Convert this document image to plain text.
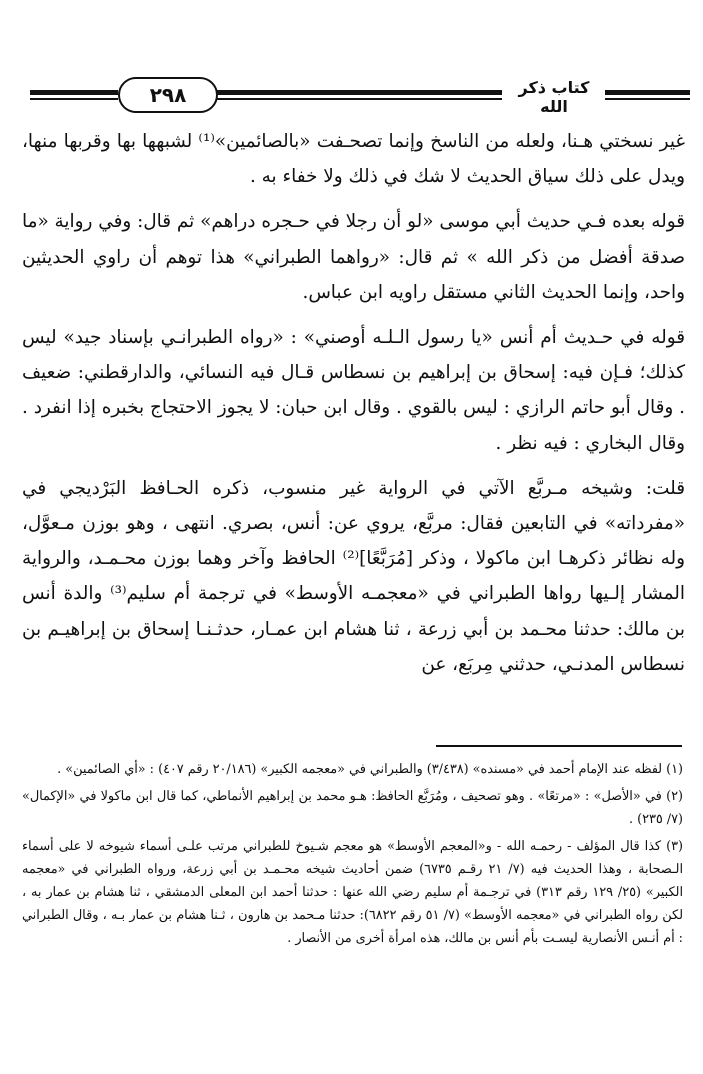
٢٩٨	كتاب ذكر الله

غير نسختي هـنا، ولعله من الناسخ وإنما تصحـفت «بالصائمين»⁽¹⁾ لشبهها بها وقربها منها، ويدل على ذلك سياق الحديث لا شك في ذلك ولا خفاء به .

قوله بعده فـي حديث أبي موسى «لو أن رجلا في حـجره دراهم» ثم قال: وفي رواية «ما صدقة أفضل من ذكر الله » ثم قال: «رواهما الطبراني» هذا توهم أن راوي الحديثين واحد، وإنما الحديث الثاني مستقل راويه ابن عباس.

قوله في حـديث أم أنس «يا رسول الـلـه أوصني» : «رواه الطبرانـي بإسناد جيد» ليس كذلك؛ فـإن فيه: إسحاق بن إبراهيم بن نسطاس قـال فيه النسائي، والدارقطني: ضعيف . وقال أبو حاتم الرازي : ليس بالقوي . وقال ابن حبان: لا يجوز الاحتجاج بخبره إذا انفرد . وقال البخاري : فيه نظر .

قلت: وشيخه مـربَّع الآتي في الرواية غير منسوب، ذكره الحـافظ البَرْديجي في «مفرداته» في التابعين فقال: مربَّع، يروي عن: أنس، بصري. انتهى ، وهو بوزن مـعوَّل، وله نظائر ذكرهـا ابن ماكولا ، وذكر [مُرَبَّعًا]⁽²⁾ الحافظ وآخر وهما بوزن محـمـد، والرواية المشار إلـيها رواها الطبراني في «معجمـه الأوسط» في ترجمة أم سليم⁽³⁾ والدة أنس بن مالك: حدثنا محـمد بن أبي زرعة ، ثنا هشام ابن عمـار، حدثـنـا إسحاق بن إبراهيـم بن نسطاس المدنـي، حدثني مِربَع، عن

(١) لفظه عند الإمام أحمد في «مسنده» (٣/٤٣٨) والطبراني في «معجمه الكبير» (٢٠/١٨٦ رقم ٤٠٧) : «أي الصائمين» .

(٢) في «الأصل» : «مرتعًا» . وهو تصحيف ، ومُرَبَّع الحافظ: هـو محمد بن إبراهيم الأنماطي، كما قال ابن ماكولا في «الإكمال» (٧/ ٢٣٥) .

(٣) كذا قال المؤلف - رحمـه الله - و«المعجم الأوسط» هو معجم شـيوخ للطبراني مرتب علـى أسماء شيوخه لا على أسماء الـصحابة ، وهذا الحديث فيه (٧/ ٢١ رقـم ٦٧٣٥) ضمن أحاديث شيخه محـمـد بن أبي زرعة، ورواه الطبراني في «معجمه الكبير» (٢٥/ ١٢٩ رقم ٣١٣) في ترجـمة أم سليم رضي الله عنها : حدثنا أحمد ابن المعلى الدمشقي ، ثنا هشام بن عمار به ، لكن رواه الطبراني في «معجمه الأوسط» (٧/ ٥١ رقم ٦٨٢٢): حدثنا مـحمد بن هارون ، ثـنا هشام بن عمار بـه ، وقال الطبراني : أم أنـس الأنصارية ليسـت بأم أنس بن مالك، هذه امرأة أخرى من الأنصار .
